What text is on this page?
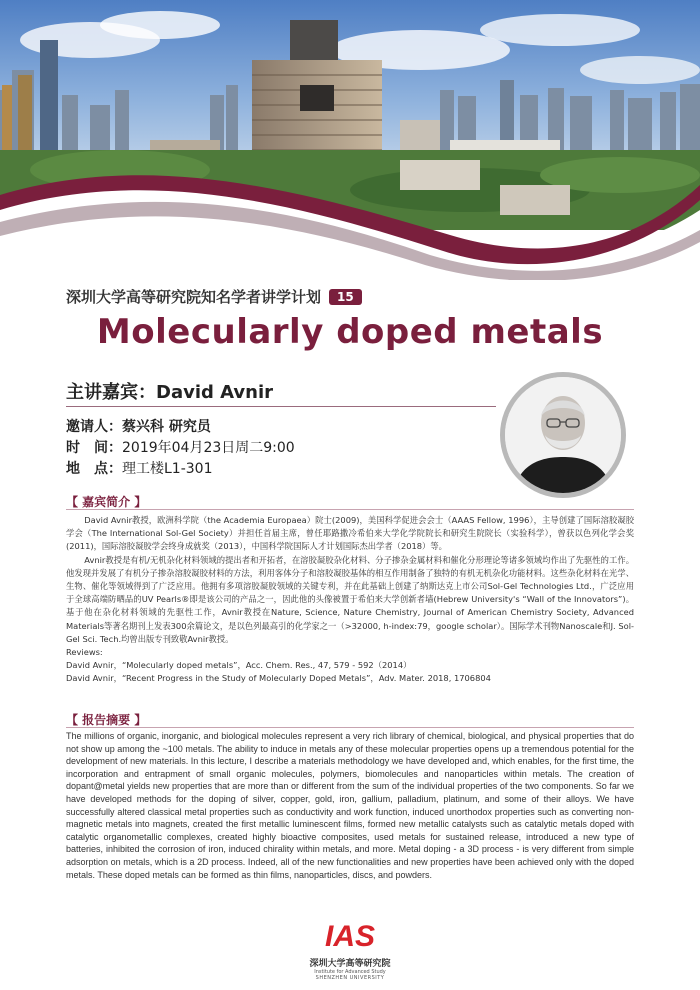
深圳大学高等研究院知名学者讲学计划 15
Molecularly doped metals
主讲嘉宾：David Avnir
邀请人：蔡兴科 研究员
时　间：2019年04月23日周二9:00
地　点：理工楼L1-301
【 嘉宾简介 】

David Avnir教授，欧洲科学院（the Academia Europaea）院士(2009)，美国科学促进会会士（AAAS Fellow, 1996），主导创建了国际溶胶凝胶学会（The International Sol-Gel Society）并担任首届主席，曾任耶路撒冷希伯来大学化学院院长和研究生院院长（实验科学），曾获以色列化学会奖(2011)，国际溶胶凝胶学会终身成就奖（2013），中国科学院国际人才计划国际杰出学者（2018）等。

Avnir教授是有机/无机杂化材料领域的提出者和开拓者，在溶胶凝胶杂化材料、分子掺杂金属材料和催化分形理论等诸多领域均作出了先驱性的工作。他发现并发展了有机分子掺杂溶胶凝胶材料的方法，利用客体分子和溶胶凝胶基体的相互作用制备了独特的有机无机杂化功能材料。这些杂化材料在光学、生物、催化等领域得到了广泛应用。他拥有多项溶胶凝胶领域的关键专利，并在此基础上创建了纳斯达克上市公司Sol-Gel Technologies Ltd.，广泛应用于全球高端防晒品的UV Pearls®即是该公司的产品之一，因此他的头像被置于希伯来大学创新者墙(Hebrew University's “Wall of the Innovators”)。基于他在杂化材料领域的先驱性工作，Avnir教授在Nature, Science, Nature Chemistry, Journal of American Chemistry Society, Advanced Materials等著名期刊上发表300余篇论文，是以色列最高引的化学家之一（>32000, h-index:79，google scholar）。国际学术刊物Nanoscale和J. Sol-Gel Sci. Tech.均曾出版专刊致敬Avnir教授。

Reviews:

David Avnir，“Molecularly doped metals”，Acc. Chem. Res., 47, 579 - 592（2014）

David Avnir，“Recent Progress in the Study of Molecularly Doped Metals”，Adv. Mater. 2018, 1706804

【 报告摘要 】
The millions of organic, inorganic, and biological molecules represent a very rich library of chemical, biological, and physical properties that do not show up among the ~100 metals. The ability to induce in metals any of these molecular properties opens up a tremendous potential for the development of new materials. In this lecture, I describe a materials methodology we have developed and, which enables, for the first time, the incorporation and entrapment of small organic molecules, polymers, biomolecules and nanoparticles within metals. The creation of dopant@metal yields new properties that are more than or different from the sum of the individual properties of the two components. So far we have developed methods for the doping of silver, copper, gold, iron, gallium, palladium, platinum, and some of their alloys. We have successfully altered classical metal properties such as conductivity and work function, induced unorthodox properties such as converting non-magnetic metals into magnets, created the first metallic luminescent films, formed new metallic catalysts such as catalytic metals doped with catalytic organometallic complexes, created highly bioactive composites, used metals for sustained release, introduced a new type of batteries, inhibited the corrosion of iron, induced chirality within metals, and more. Metal doping - a 3D process - is very different from simple adsorption on metals, which is a 2D process. Indeed, all of the new functionalities and new properties have been achieved only with the doped metals. These doped metals can be formed as thin films, nanoparticles, discs, and powders.
IAS
深圳大学高等研究院
Institute for Advanced Study
SHENZHEN UNIVERSITY
